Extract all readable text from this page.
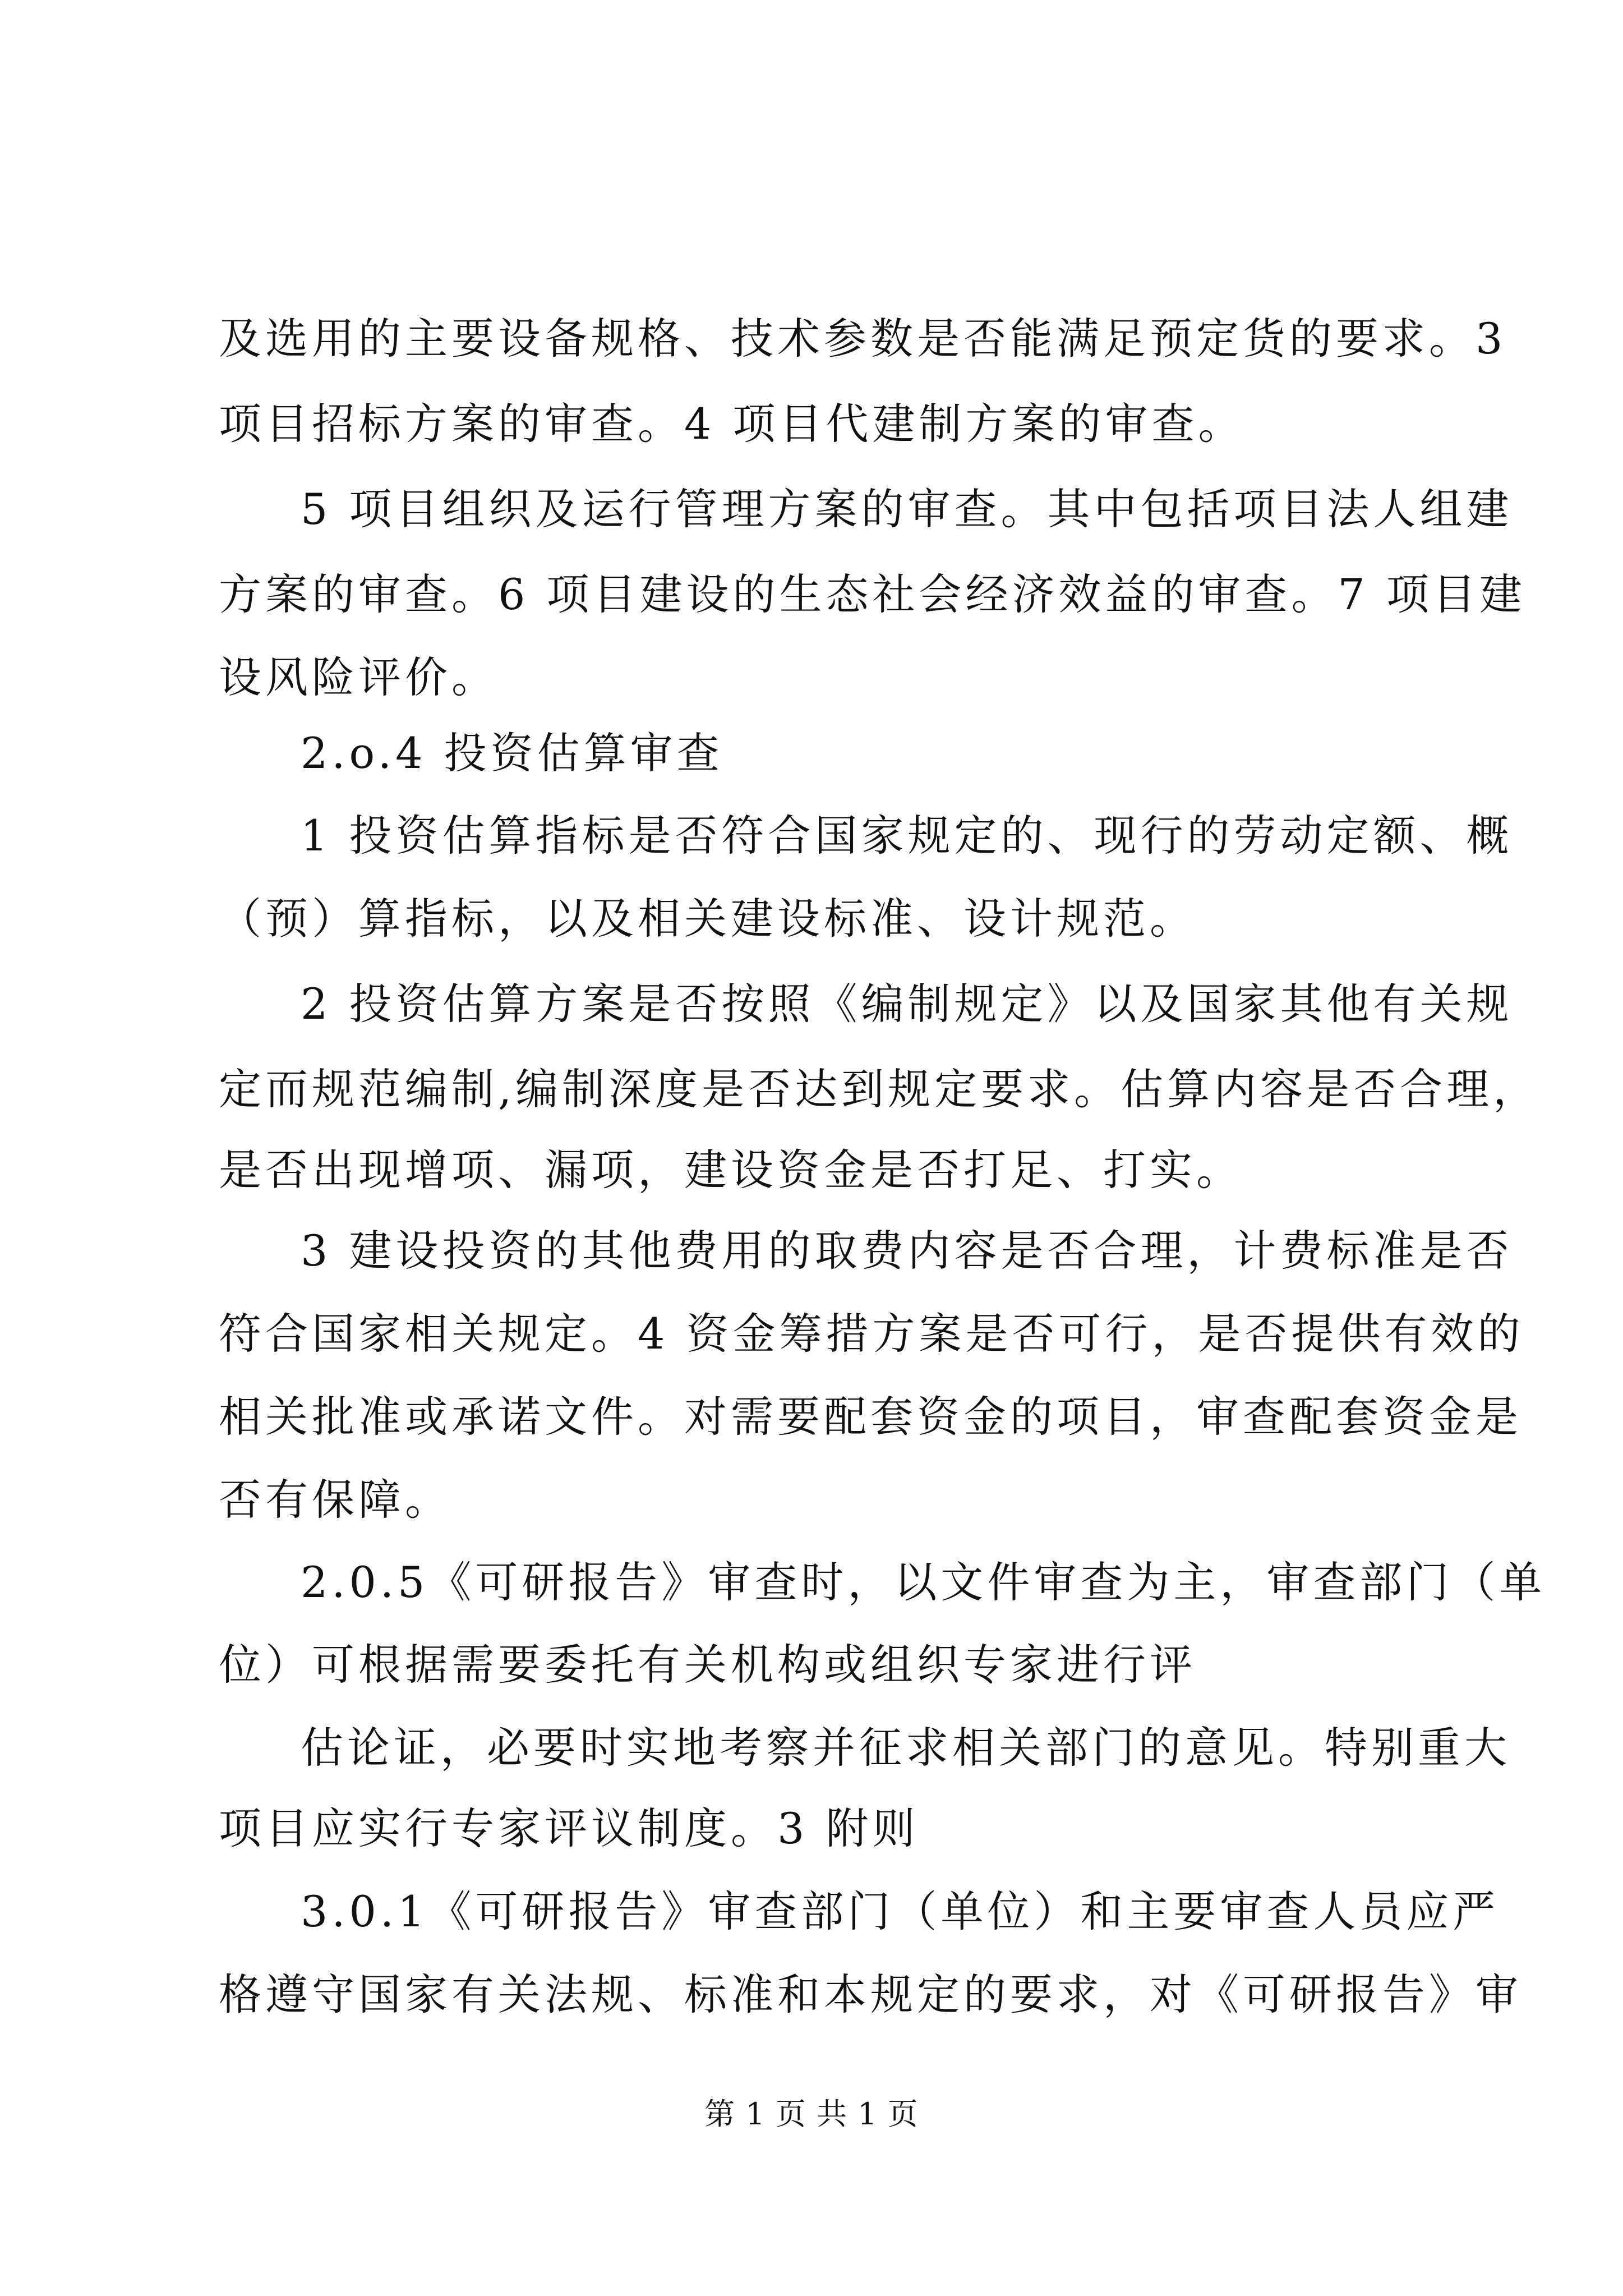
及选用的主要设备规格、技术参数是否能满足预定货的要求。3

项目招标方案的审查。4 项目代建制方案的审查。

5 项目组织及运行管理方案的审查。其中包括项目法人组建

方案的审查。6 项目建设的生态社会经济效益的审查。7 项目建

设风险评价。

2.o.4 投资估算审查

1 投资估算指标是否符合国家规定的、现行的劳动定额、概

（预）算指标，以及相关建设标准、设计规范。

2 投资估算方案是否按照《编制规定》以及国家其他有关规

定而规范编制,编制深度是否达到规定要求。估算内容是否合理，

是否出现增项、漏项，建设资金是否打足、打实。

3 建设投资的其他费用的取费内容是否合理，计费标准是否

符合国家相关规定。4 资金筹措方案是否可行，是否提供有效的

相关批准或承诺文件。对需要配套资金的项目，审查配套资金是

否有保障。

2.0.5《可研报告》审查时，以文件审查为主，审查部门（单

位）可根据需要委托有关机构或组织专家进行评

估论证，必要时实地考察并征求相关部门的意见。特别重大

项目应实行专家评议制度。3 附则

3.0.1《可研报告》审查部门（单位）和主要审查人员应严

格遵守国家有关法规、标准和本规定的要求，对《可研报告》审

第 1 页 共 1 页
